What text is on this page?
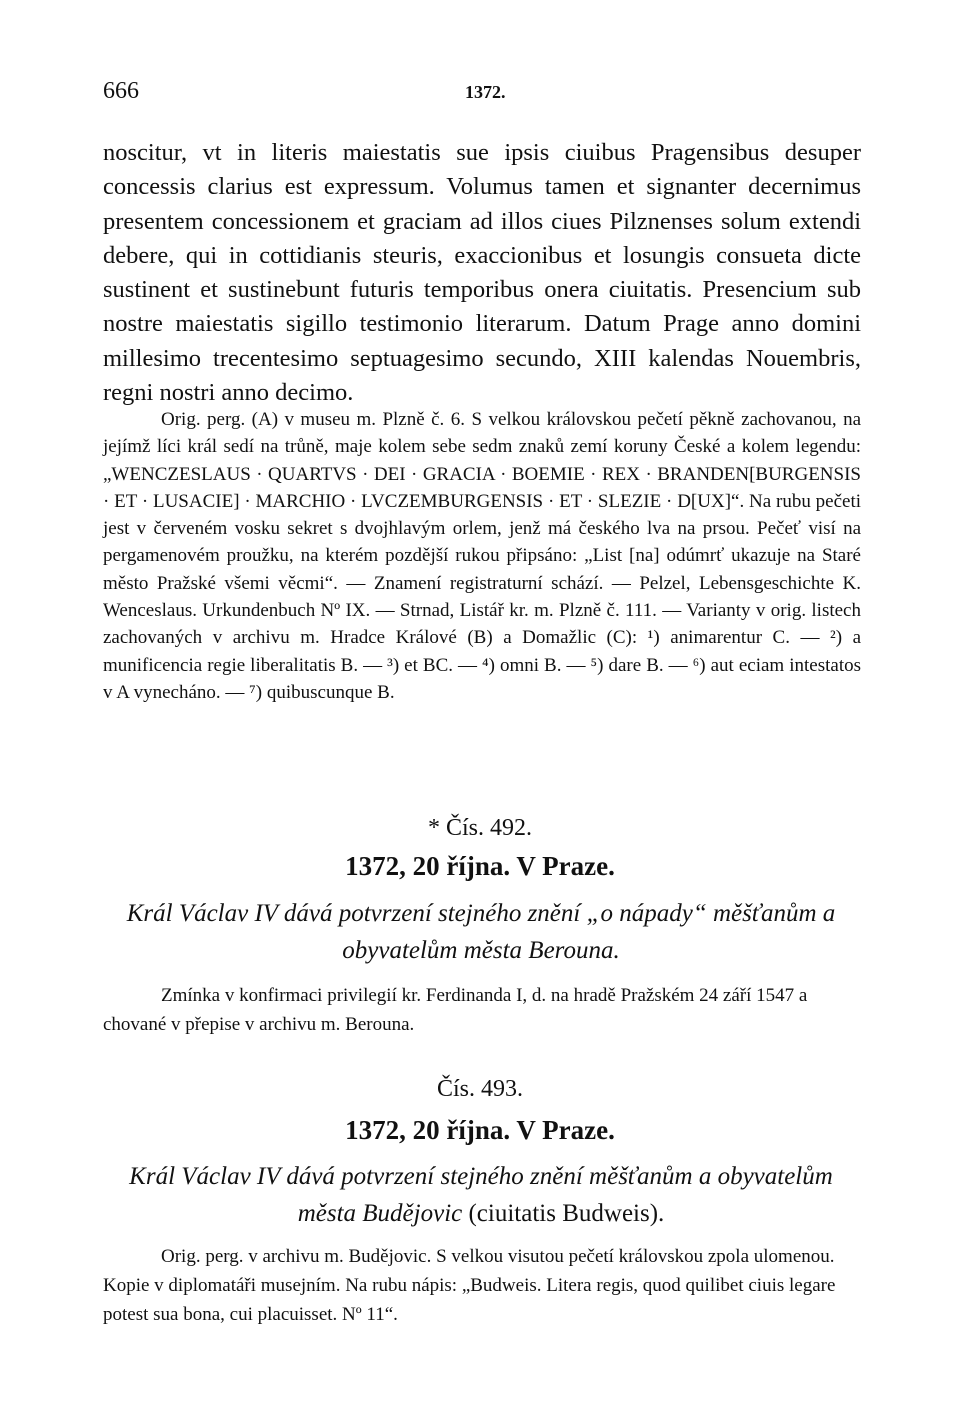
666	1372.

noscitur, vt in literis maiestatis sue ipsis ciuibus Pragensibus desuper concessis clarius est expressum. Volumus tamen et signanter decernimus presentem concessionem et graciam ad illos ciues Pilznenses solum extendi debere, qui in cottidianis steuris, exaccionibus et losungis consueta dicte sustinent et sustinebunt futuris temporibus onera ciuitatis. Presencium sub nostre maiestatis sigillo testimonio literarum. Datum Prage anno domini millesimo trecentesimo septuagesimo secundo, XIII kalendas Nouembris, regni nostri anno decimo.

Orig. perg. (A) v museu m. Plzně č. 6. S velkou královskou pečetí pěkně zachovanou, na jejímž líci král sedí na trůně, maje kolem sebe sedm znaků zemí koruny České a kolem legendu: „WENCZESLAUS · QUARTVS · DEI · GRACIA · BOEMIE · REX · BRANDEN[BURGENSIS · ET · LUSACIE] · MARCHIO · LVCZEMBURGENSIS · ET · SLEZIE · D[UX]“. Na rubu pečeti jest v červeném vosku sekret s dvojhlavým orlem, jenž má českého lva na prsou. Pečeť visí na pergamenovém proužku, na kterém pozdější rukou připsáno: „List [na] odúmrť ukazuje na Staré město Pražské všemi věcmi“. — Znamení registraturní schází. — Pelzel, Lebensgeschichte K. Wenceslaus. Urkundenbuch Nº IX. — Strnad, Listář kr. m. Plzně č. 111. — Varianty v orig. listech zachovaných v archivu m. Hradce Králové (B) a Domažlic (C): ¹) animarentur C. — ²) a munificencia regie liberalitatis B. — ³) et BC. — ⁴) omni B. — ⁵) dare B. — ⁶) aut eciam intestatos v A vynecháno. — ⁷) quibuscunque B.

* Čís. 492.
1372, 20 října. V Praze.

Král Václav IV dává potvrzení stejného znění „o nápady“ měšťanům a obyvatelům města Berouna.

Zmínka v konfirmaci privilegií kr. Ferdinanda I, d. na hradě Pražském 24 září 1547 a chované v přepise v archivu m. Berouna.

Čís. 493.
1372, 20 října. V Praze.

Král Václav IV dává potvrzení stejného znění měšťanům a obyvatelům města Budějovic (ciuitatis Budweis).

Orig. perg. v archivu m. Budějovic. S velkou visutou pečetí královskou zpola ulomenou. Kopie v diplomatáři musejním. Na rubu nápis: „Budweis. Litera regis, quod quilibet ciuis legare potest sua bona, cui placuisset. Nº 11“.
